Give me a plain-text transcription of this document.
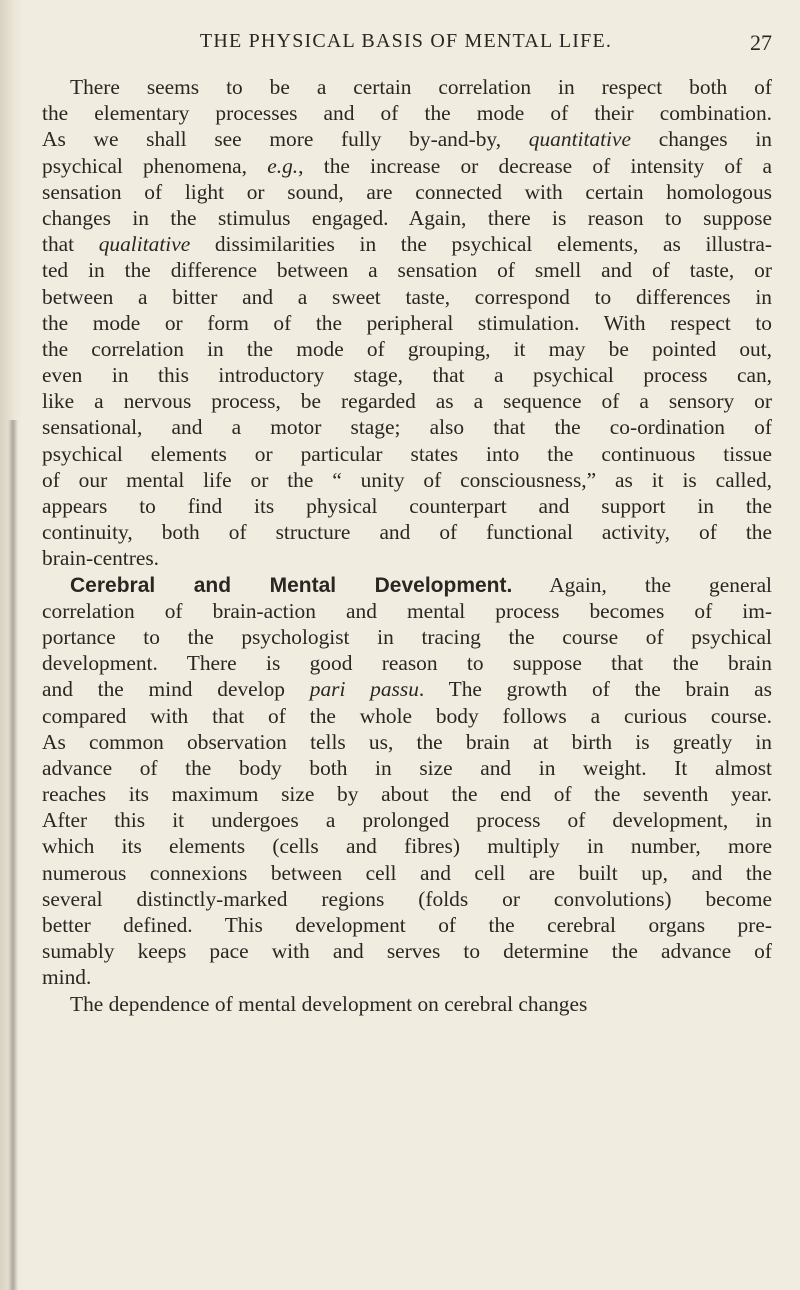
THE PHYSICAL BASIS OF MENTAL LIFE.	27
There seems to be a certain correlation in respect both of
the elementary processes and of the mode of their combination.
As we shall see more fully by-and-by, quantitative changes in
psychical phenomena, e.g., the increase or decrease of intensity of a
sensation of light or sound, are connected with certain homologous
changes in the stimulus engaged. Again, there is reason to suppose
that qualitative dissimilarities in the psychical elements, as illustra-
ted in the difference between a sensation of smell and of taste, or
between a bitter and a sweet taste, correspond to differences in
the mode or form of the peripheral stimulation. With respect to
the correlation in the mode of grouping, it may be pointed out,
even in this introductory stage, that a psychical process can,
like a nervous process, be regarded as a sequence of a sensory or
sensational, and a motor stage; also that the co-ordination of
psychical elements or particular states into the continuous tissue
of our mental life or the “ unity of consciousness,” as it is called,
appears to find its physical counterpart and support in the
continuity, both of structure and of functional activity, of the
brain-centres.
Cerebral and Mental Development. Again, the general
correlation of brain-action and mental process becomes of im-
portance to the psychologist in tracing the course of psychical
development. There is good reason to suppose that the brain
and the mind develop pari passu. The growth of the brain as
compared with that of the whole body follows a curious course.
As common observation tells us, the brain at birth is greatly in
advance of the body both in size and in weight. It almost
reaches its maximum size by about the end of the seventh year.
After this it undergoes a prolonged process of development, in
which its elements (cells and fibres) multiply in number, more
numerous connexions between cell and cell are built up, and the
several distinctly-marked regions (folds or convolutions) become
better defined. This development of the cerebral organs pre-
sumably keeps pace with and serves to determine the advance of
mind.
The dependence of mental development on cerebral changes
